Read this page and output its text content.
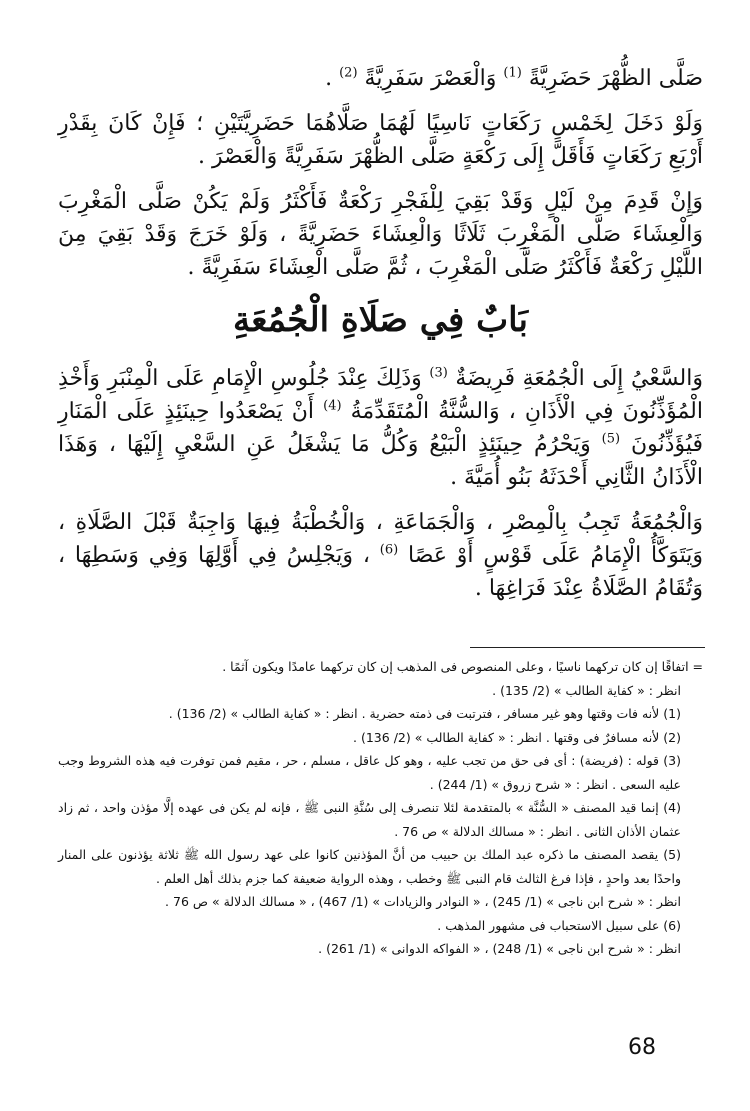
صَلَّى الظُّهْرَ حَضَرِيَّةً $^{(1)}$ وَالْعَصْرَ سَفَرِيَّةً $^{(2)}$ .

وَلَوْ دَخَلَ لِخَمْسِ رَكَعَاتٍ نَاسِيًا لَهُمَا صَلَّاهُمَا حَضَرِيَّتَيْنِ ؛ فَإِنْ كَانَ بِقَدْرِ أَرْبَعِ رَكَعَاتٍ فَأَقَلَّ إِلَى رَكْعَةٍ صَلَّى الظُّهْرَ سَفَرِيَّةً وَالْعَصْرَ .

وَإِنْ قَدِمَ مِنْ لَيْلٍ وَقَدْ بَقِيَ لِلْفَجْرِ رَكْعَةٌ فَأَكْثَرُ وَلَمْ يَكُنْ صَلَّى الْمَغْرِبَ وَالْعِشَاءَ صَلَّى الْمَغْرِبَ ثَلَاثًا وَالْعِشَاءَ حَضَرِيَّةً ، وَلَوْ خَرَجَ وَقَدْ بَقِيَ مِنَ اللَّيْلِ رَكْعَةٌ فَأَكْثَرُ صَلَّى الْمَغْرِبَ ، ثُمَّ صَلَّى الْعِشَاءَ سَفَرِيَّةً .

بَابٌ فِي صَلَاةِ الْجُمُعَةِ

وَالسَّعْيُ إِلَى الْجُمُعَةِ فَرِيضَةٌ $^{(3)}$ وَذَلِكَ عِنْدَ جُلُوسِ الْإِمَامِ عَلَى الْمِنْبَرِ وَأَخْذِ الْمُؤَذِّنُونَ فِي الْأَذَانِ ، وَالسُّنَّةُ الْمُتَقَدِّمَةُ $^{(4)}$ أَنْ يَصْعَدُوا حِينَئِذٍ عَلَى الْمَنَارِ فَيُؤَذِّنُونَ $^{(5)}$ وَيَحْرُمُ حِينَئِذٍ الْبَيْعُ وَكُلُّ مَا يَشْغَلُ عَنِ السَّعْيِ إِلَيْهَا ، وَهَذَا الْأَذَانُ الثَّانِي أَحْدَثَهُ بَنُو أُمَيَّةَ .

وَالْجُمُعَةُ تَجِبُ بِالْمِصْرِ ، وَالْجَمَاعَةِ ، وَالْخُطْبَةُ فِيهَا وَاجِبَةٌ قَبْلَ الصَّلَاةِ ، وَيَتَوَكَّأُ الْإِمَامُ عَلَى قَوْسٍ أَوْ عَصًا $^{(6)}$ ، وَيَجْلِسُ فِي أَوَّلِهَا وَفِي وَسَطِهَا ، وَتُقَامُ الصَّلَاةُ عِنْدَ فَرَاغِهَا .

= اتفاقًا إن كان تركهما ناسيًا ، وعلى المنصوص فى المذهب إن كان تركهما عامدًا ويكون آثمًا .

انظر : « كفاية الطالب » (2/ 135) .

(1) لأنه فات وقتها وهو غير مسافر ، فترتبت فى ذمته حضرية . انظر : « كفاية الطالب » (2/ 136) .

(2) لأنه مسافرٌ فى وقتها . انظر : « كفاية الطالب » (2/ 136) .

(3) قوله : (فريضة) : أى فى حق من تجب عليه ، وهو كل عاقل ، مسلم ، حر ، مقيم فمن توفرت فيه هذه الشروط وجب عليه السعى . انظر : « شرح زروق » (1/ 244) .

(4) إنما قيد المصنف « السُّنَّة » بالمتقدمة لئلا تنصرف إلى سُنَّةِ النبى ﷺ ، فإنه لم يكن فى عهده إلَّا مؤذن واحد ، ثم زاد عثمان الأذان الثانى . انظر : « مسالك الدلالة » ص 76 .

(5) يقصد المصنف ما ذكره عبد الملك بن حبيب من أنَّ المؤذنين كانوا على عهد رسول الله ﷺ ثلاثة يؤذنون على المنار واحدًا بعد واحدٍ ، فإذا فرغ الثالث قام النبى ﷺ وخطب ، وهذه الرواية ضعيفة كما جزم بذلك أهل العلم .

انظر : « شرح ابن ناجى » (1/ 245) ، « النوادر والزيادات » (1/ 467) ، « مسالك الدلالة » ص 76 .

(6) على سبيل الاستحباب فى مشهور المذهب .

انظر : « شرح ابن ناجى » (1/ 248) ، « الفواكه الدوانى » (1/ 261) .

68
